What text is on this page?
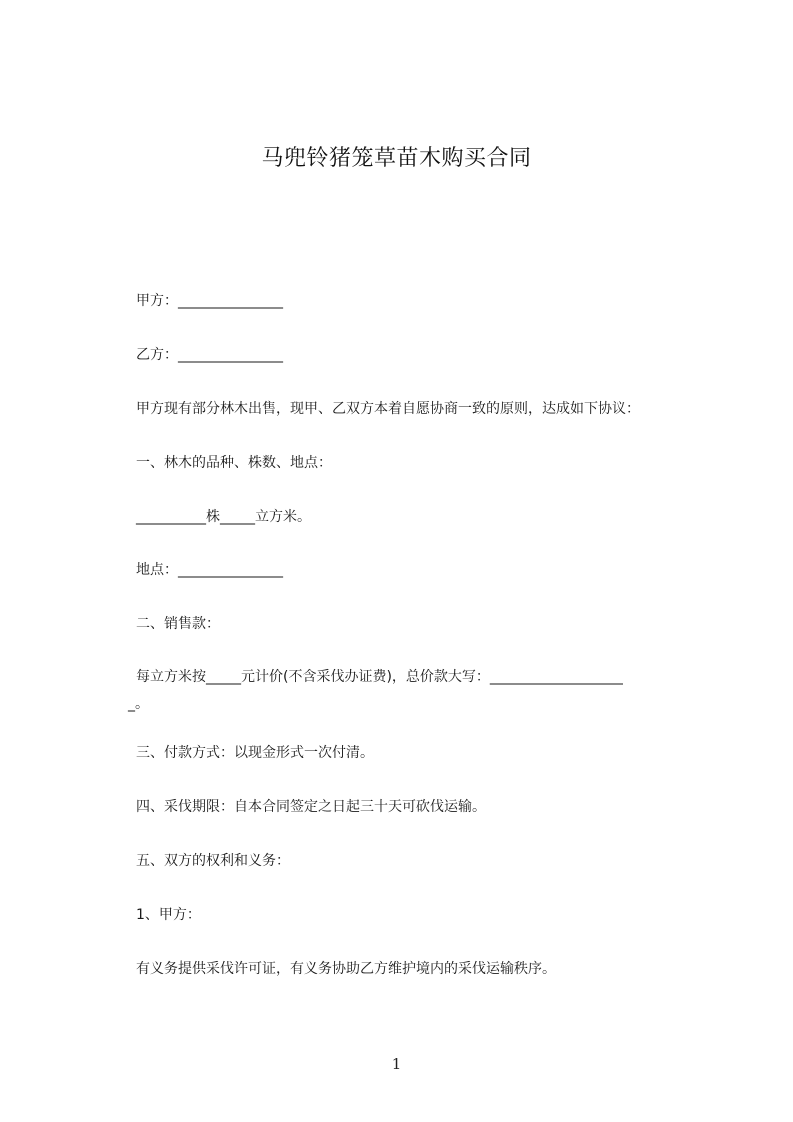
马兜铃猪笼草苗木购买合同
甲方：_______________
乙方：_______________
甲方现有部分林木出售，现甲、乙双方本着自愿协商一致的原则，达成如下协议：
一、林木的品种、株数、地点：
__________株_____立方米。
地点：_______________
二、销售款：
每立方米按_____元计价(不含采伐办证费)，总价款大写：___________________
_。
三、付款方式：以现金形式一次付清。
四、采伐期限：自本合同签定之日起三十天可砍伐运输。
五、双方的权利和义务：
1、甲方：
有义务提供采伐许可证，有义务协助乙方维护境内的采伐运输秩序。
1
